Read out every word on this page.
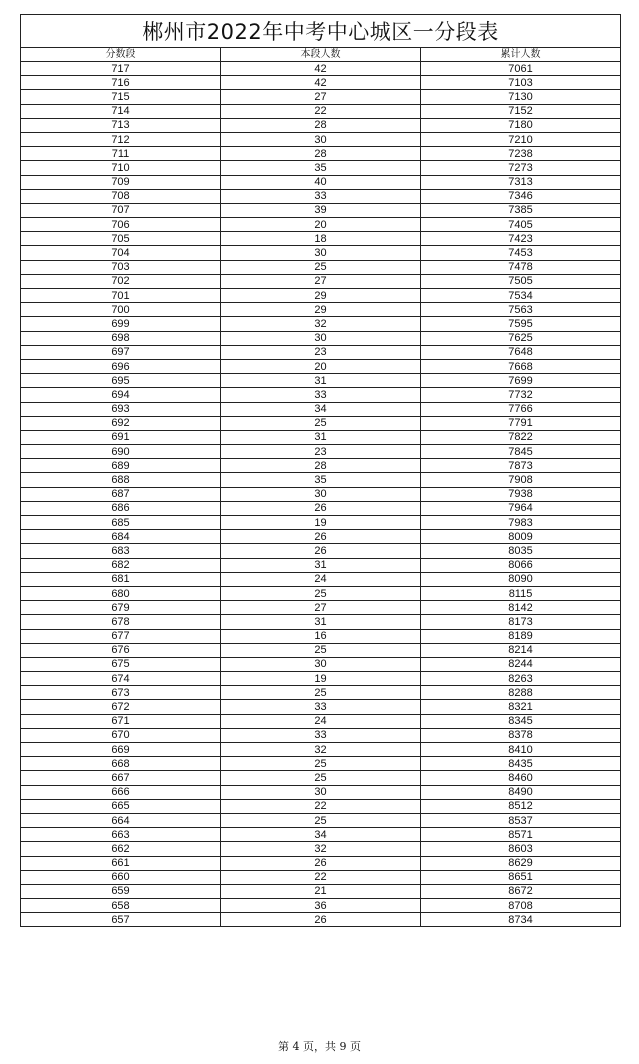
郴州市2022年中考中心城区一分段表		
分数段	本段人数	累计人数
717	42	7061
716	42	7103
715	27	7130
714	22	7152
713	28	7180
712	30	7210
711	28	7238
710	35	7273
709	40	7313
708	33	7346
707	39	7385
706	20	7405
705	18	7423
704	30	7453
703	25	7478
702	27	7505
701	29	7534
700	29	7563
699	32	7595
698	30	7625
697	23	7648
696	20	7668
695	31	7699
694	33	7732
693	34	7766
692	25	7791
691	31	7822
690	23	7845
689	28	7873
688	35	7908
687	30	7938
686	26	7964
685	19	7983
684	26	8009
683	26	8035
682	31	8066
681	24	8090
680	25	8115
679	27	8142
678	31	8173
677	16	8189
676	25	8214
675	30	8244
674	19	8263
673	25	8288
672	33	8321
671	24	8345
670	33	8378
669	32	8410
668	25	8435
667	25	8460
666	30	8490
665	22	8512
664	25	8537
663	34	8571
662	32	8603
661	26	8629
660	22	8651
659	21	8672
658	36	8708
657	26	8734
第 4 页，共 9 页
